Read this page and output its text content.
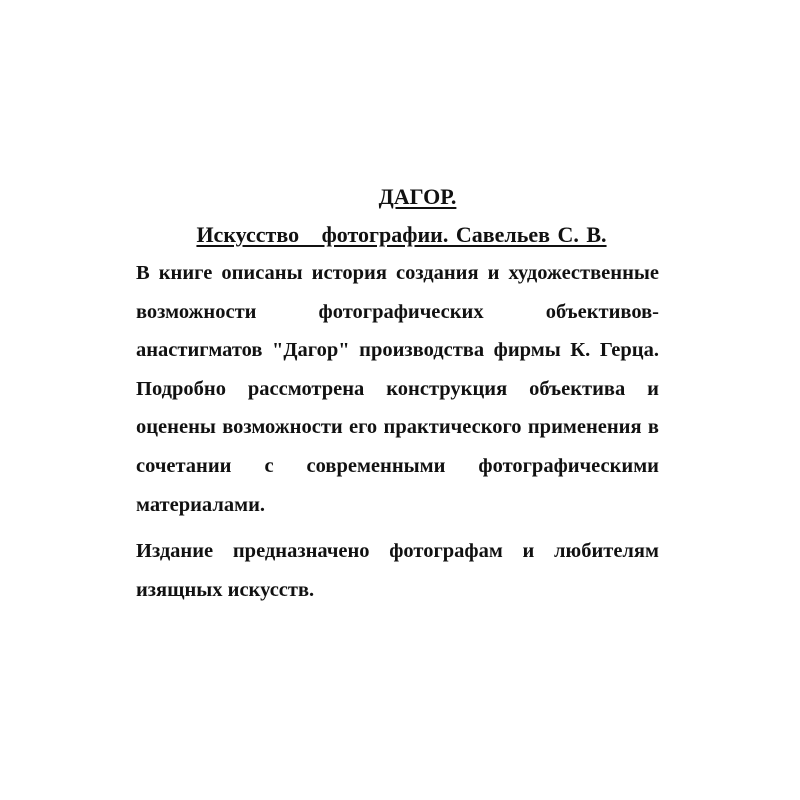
ДАГОР.
Искусство   фотографии. Савельев С. В.

В книге описаны история создания и художественные возможности фотографических объективов-анастигматов "Дагор" производства фирмы К. Герца. Подробно рассмотрена конструкция объектива и оценены возможности его практического применения в сочетании с современными фотографическими материалами.

Издание предназначено фотографам и любителям изящных искусств.
